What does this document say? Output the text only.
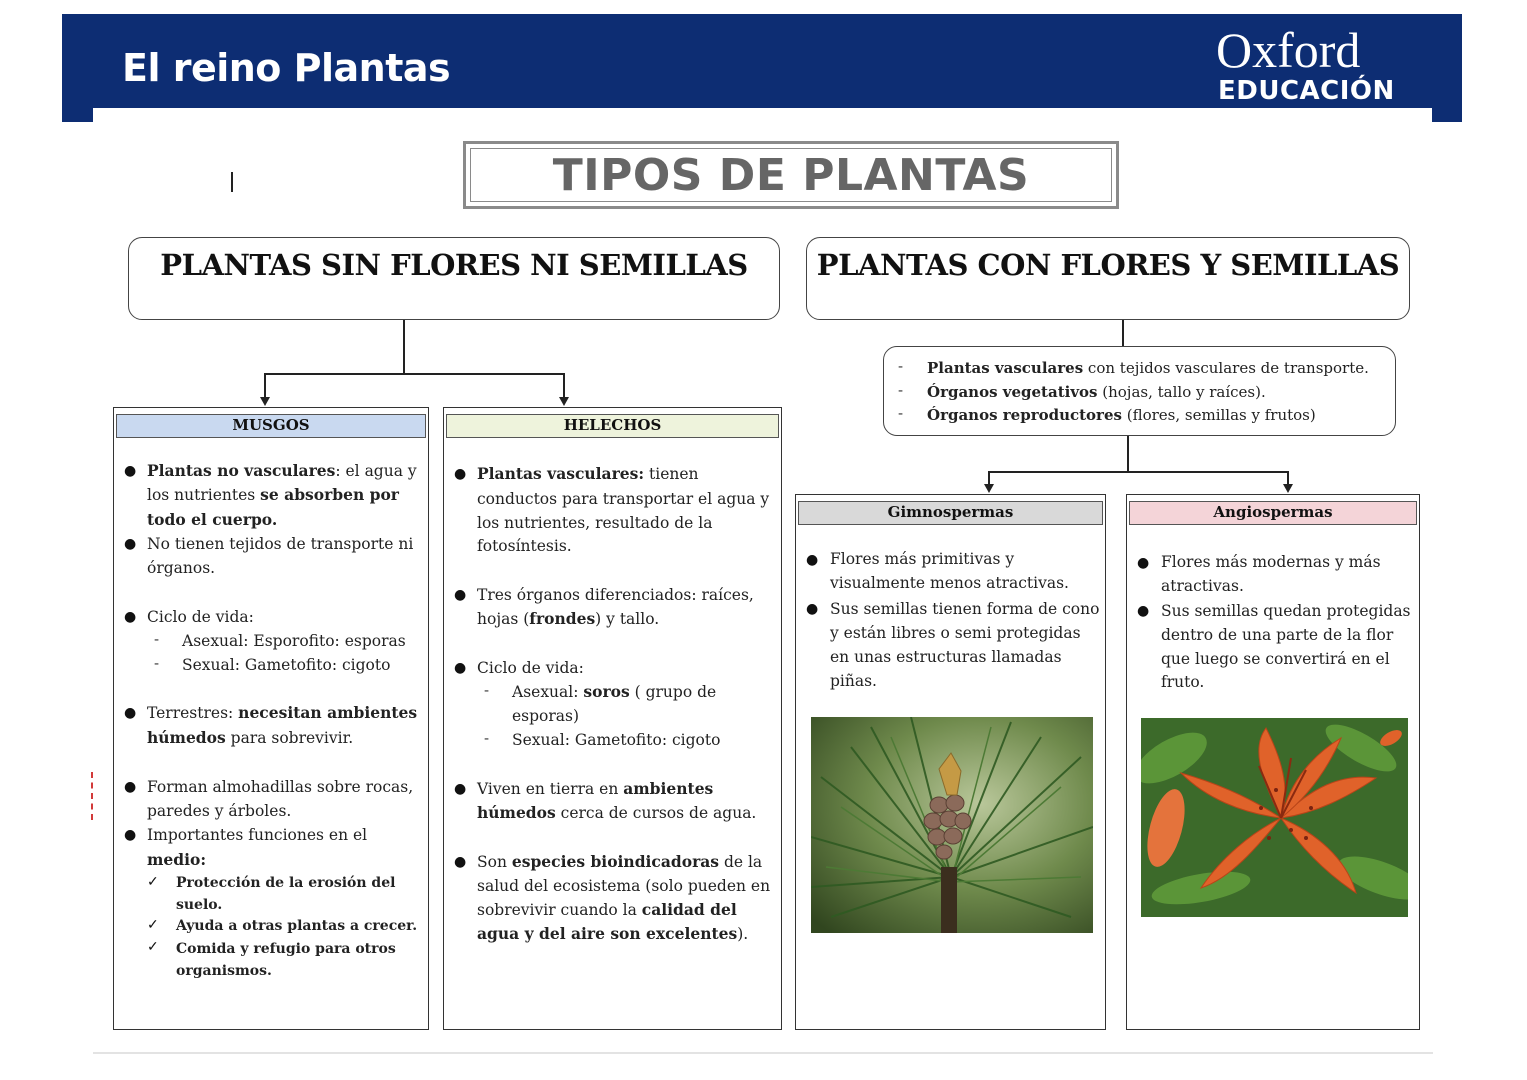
El reino Plantas	Oxford
EDUCACIÓN
TIPOS DE PLANTAS
PLANTAS SIN FLORES NI SEMILLAS	PLANTAS CON FLORES Y SEMILLAS
- Plantas vasculares con tejidos vasculares de transporte.
- Órganos vegetativos (hojas, tallo y raíces).
- Órganos reproductores (flores, semillas y frutos)
MUSGOS
● Plantas no vasculares: el agua y
los nutrientes se absorben por
todo el cuerpo.
● No tienen tejidos de transporte ni
órganos.
● Ciclo de vida:
- Asexual: Esporofito: esporas
- Sexual: Gametofito: cigoto
● Terrestres: necesitan ambientes
húmedos para sobrevivir.
● Forman almohadillas sobre rocas,
paredes y árboles.
● Importantes funciones en el
medio:
✓ Protección de la erosión del
suelo.
✓ Ayuda a otras plantas a crecer.
✓ Comida y refugio para otros
organismos.
HELECHOS
● Plantas vasculares: tienen
conductos para transportar el agua y
los nutrientes, resultado de la
fotosíntesis.
● Tres órganos diferenciados: raíces,
hojas (frondes) y tallo.
● Ciclo de vida:
- Asexual: soros ( grupo de
esporas)
- Sexual: Gametofito: cigoto
● Viven en tierra en ambientes
húmedos cerca de cursos de agua.
● Son especies bioindicadoras de la
salud del ecosistema (solo pueden en
sobrevivir cuando la calidad del
agua y del aire son excelentes).
Gimnospermas
● Flores más primitivas y
visualmente menos atractivas.
● Sus semillas tienen forma de cono
y están libres o semi protegidas
en unas estructuras llamadas
piñas.
Angiospermas
● Flores más modernas y más
atractivas.
● Sus semillas quedan protegidas
dentro de una parte de la flor
que luego se convertirá en el
fruto.
